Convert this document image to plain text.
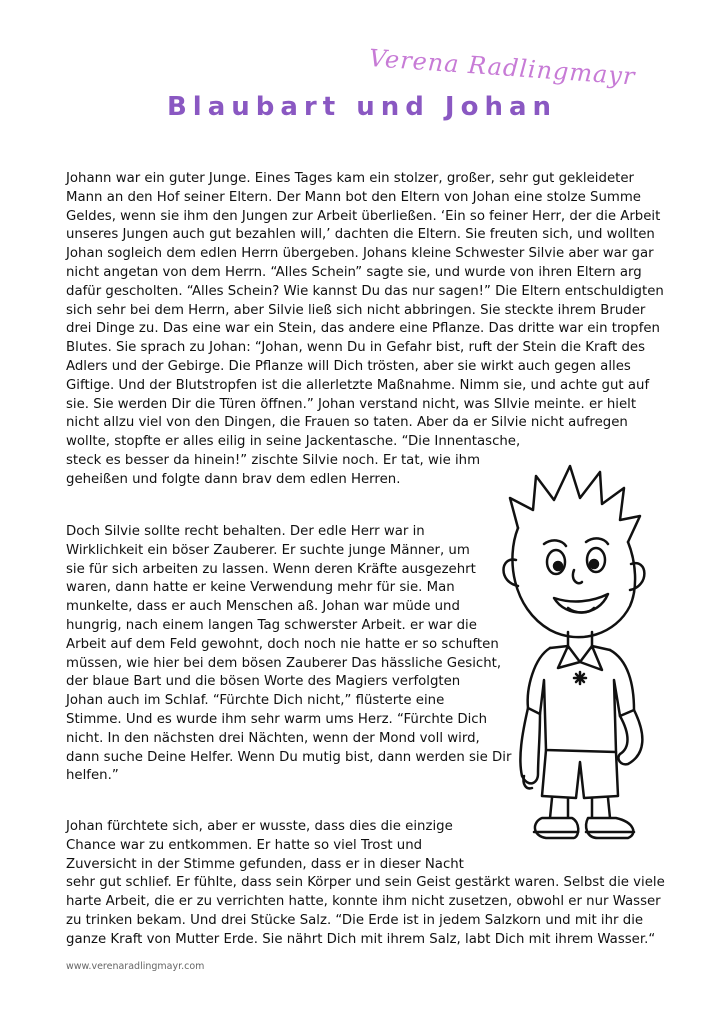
Verena Radlingmayr
Blaubart und Johan
Johann war ein guter Junge. Eines Tages kam ein stolzer, großer, sehr gut gekleideter
Mann an den Hof seiner Eltern. Der Mann bot den Eltern von Johan eine stolze Summe
Geldes, wenn sie ihm den Jungen zur Arbeit überließen. ‘Ein so feiner Herr, der die Arbeit
unseres Jungen auch gut bezahlen will,’ dachten die Eltern. Sie freuten sich, und wollten
Johan sogleich dem edlen Herrn übergeben. Johans kleine Schwester Silvie aber war gar
nicht angetan von dem Herrn. “Alles Schein” sagte sie, und wurde von ihren Eltern arg
dafür gescholten. “Alles Schein? Wie kannst Du das nur sagen!” Die Eltern entschuldigten
sich sehr bei dem Herrn, aber Silvie ließ sich nicht abbringen. Sie steckte ihrem Bruder
drei Dinge zu. Das eine war ein Stein, das andere eine Pflanze. Das dritte war ein tropfen
Blutes. Sie sprach zu Johan: “Johan, wenn Du in Gefahr bist, ruft der Stein die Kraft des
Adlers und der Gebirge. Die Pflanze will Dich trösten, aber sie wirkt auch gegen alles
Giftige. Und der Blutstropfen ist die allerletzte Maßnahme. Nimm sie, und achte gut auf
sie. Sie werden Dir die Türen öffnen.” Johan verstand nicht, was SIlvie meinte. er hielt
nicht allzu viel von den Dingen, die Frauen so taten. Aber da er Silvie nicht aufregen
wollte, stopfte er alles eilig in seine Jackentasche. “Die Innentasche,
steck es besser da hinein!” zischte Silvie noch. Er tat, wie ihm
geheißen und folgte dann brav dem edlen Herren.
Doch Silvie sollte recht behalten. Der edle Herr war in
Wirklichkeit ein böser Zauberer. Er suchte junge Männer, um
sie für sich arbeiten zu lassen. Wenn deren Kräfte ausgezehrt
waren, dann hatte er keine Verwendung mehr für sie. Man
munkelte, dass er auch Menschen aß. Johan war müde und
hungrig, nach einem langen Tag schwerster Arbeit. er war die
Arbeit auf dem Feld gewohnt, doch noch nie hatte er so schuften
müssen, wie hier bei dem bösen Zauberer Das hässliche Gesicht,
der blaue Bart und die bösen Worte des Magiers verfolgten
Johan auch im Schlaf. “Fürchte Dich nicht,” flüsterte eine
Stimme. Und es wurde ihm sehr warm ums Herz. “Fürchte Dich
nicht. In den nächsten drei Nächten, wenn der Mond voll wird,
dann suche Deine Helfer. Wenn Du mutig bist, dann werden sie Dir
helfen.”
Johan fürchtete sich, aber er wusste, dass dies die einzige
Chance war zu entkommen. Er hatte so viel Trost und
Zuversicht in der Stimme gefunden, dass er in dieser Nacht
sehr gut schlief. Er fühlte, dass sein Körper und sein Geist gestärkt waren. Selbst die viele
harte Arbeit, die er zu verrichten hatte, konnte ihm nicht zusetzen, obwohl er nur Wasser
zu trinken bekam. Und drei Stücke Salz. “Die Erde ist in jedem Salzkorn und mit ihr die
ganze Kraft von Mutter Erde. Sie nährt Dich mit ihrem Salz, labt Dich mit ihrem Wasser.“
www.verenaradlingmayr.com
